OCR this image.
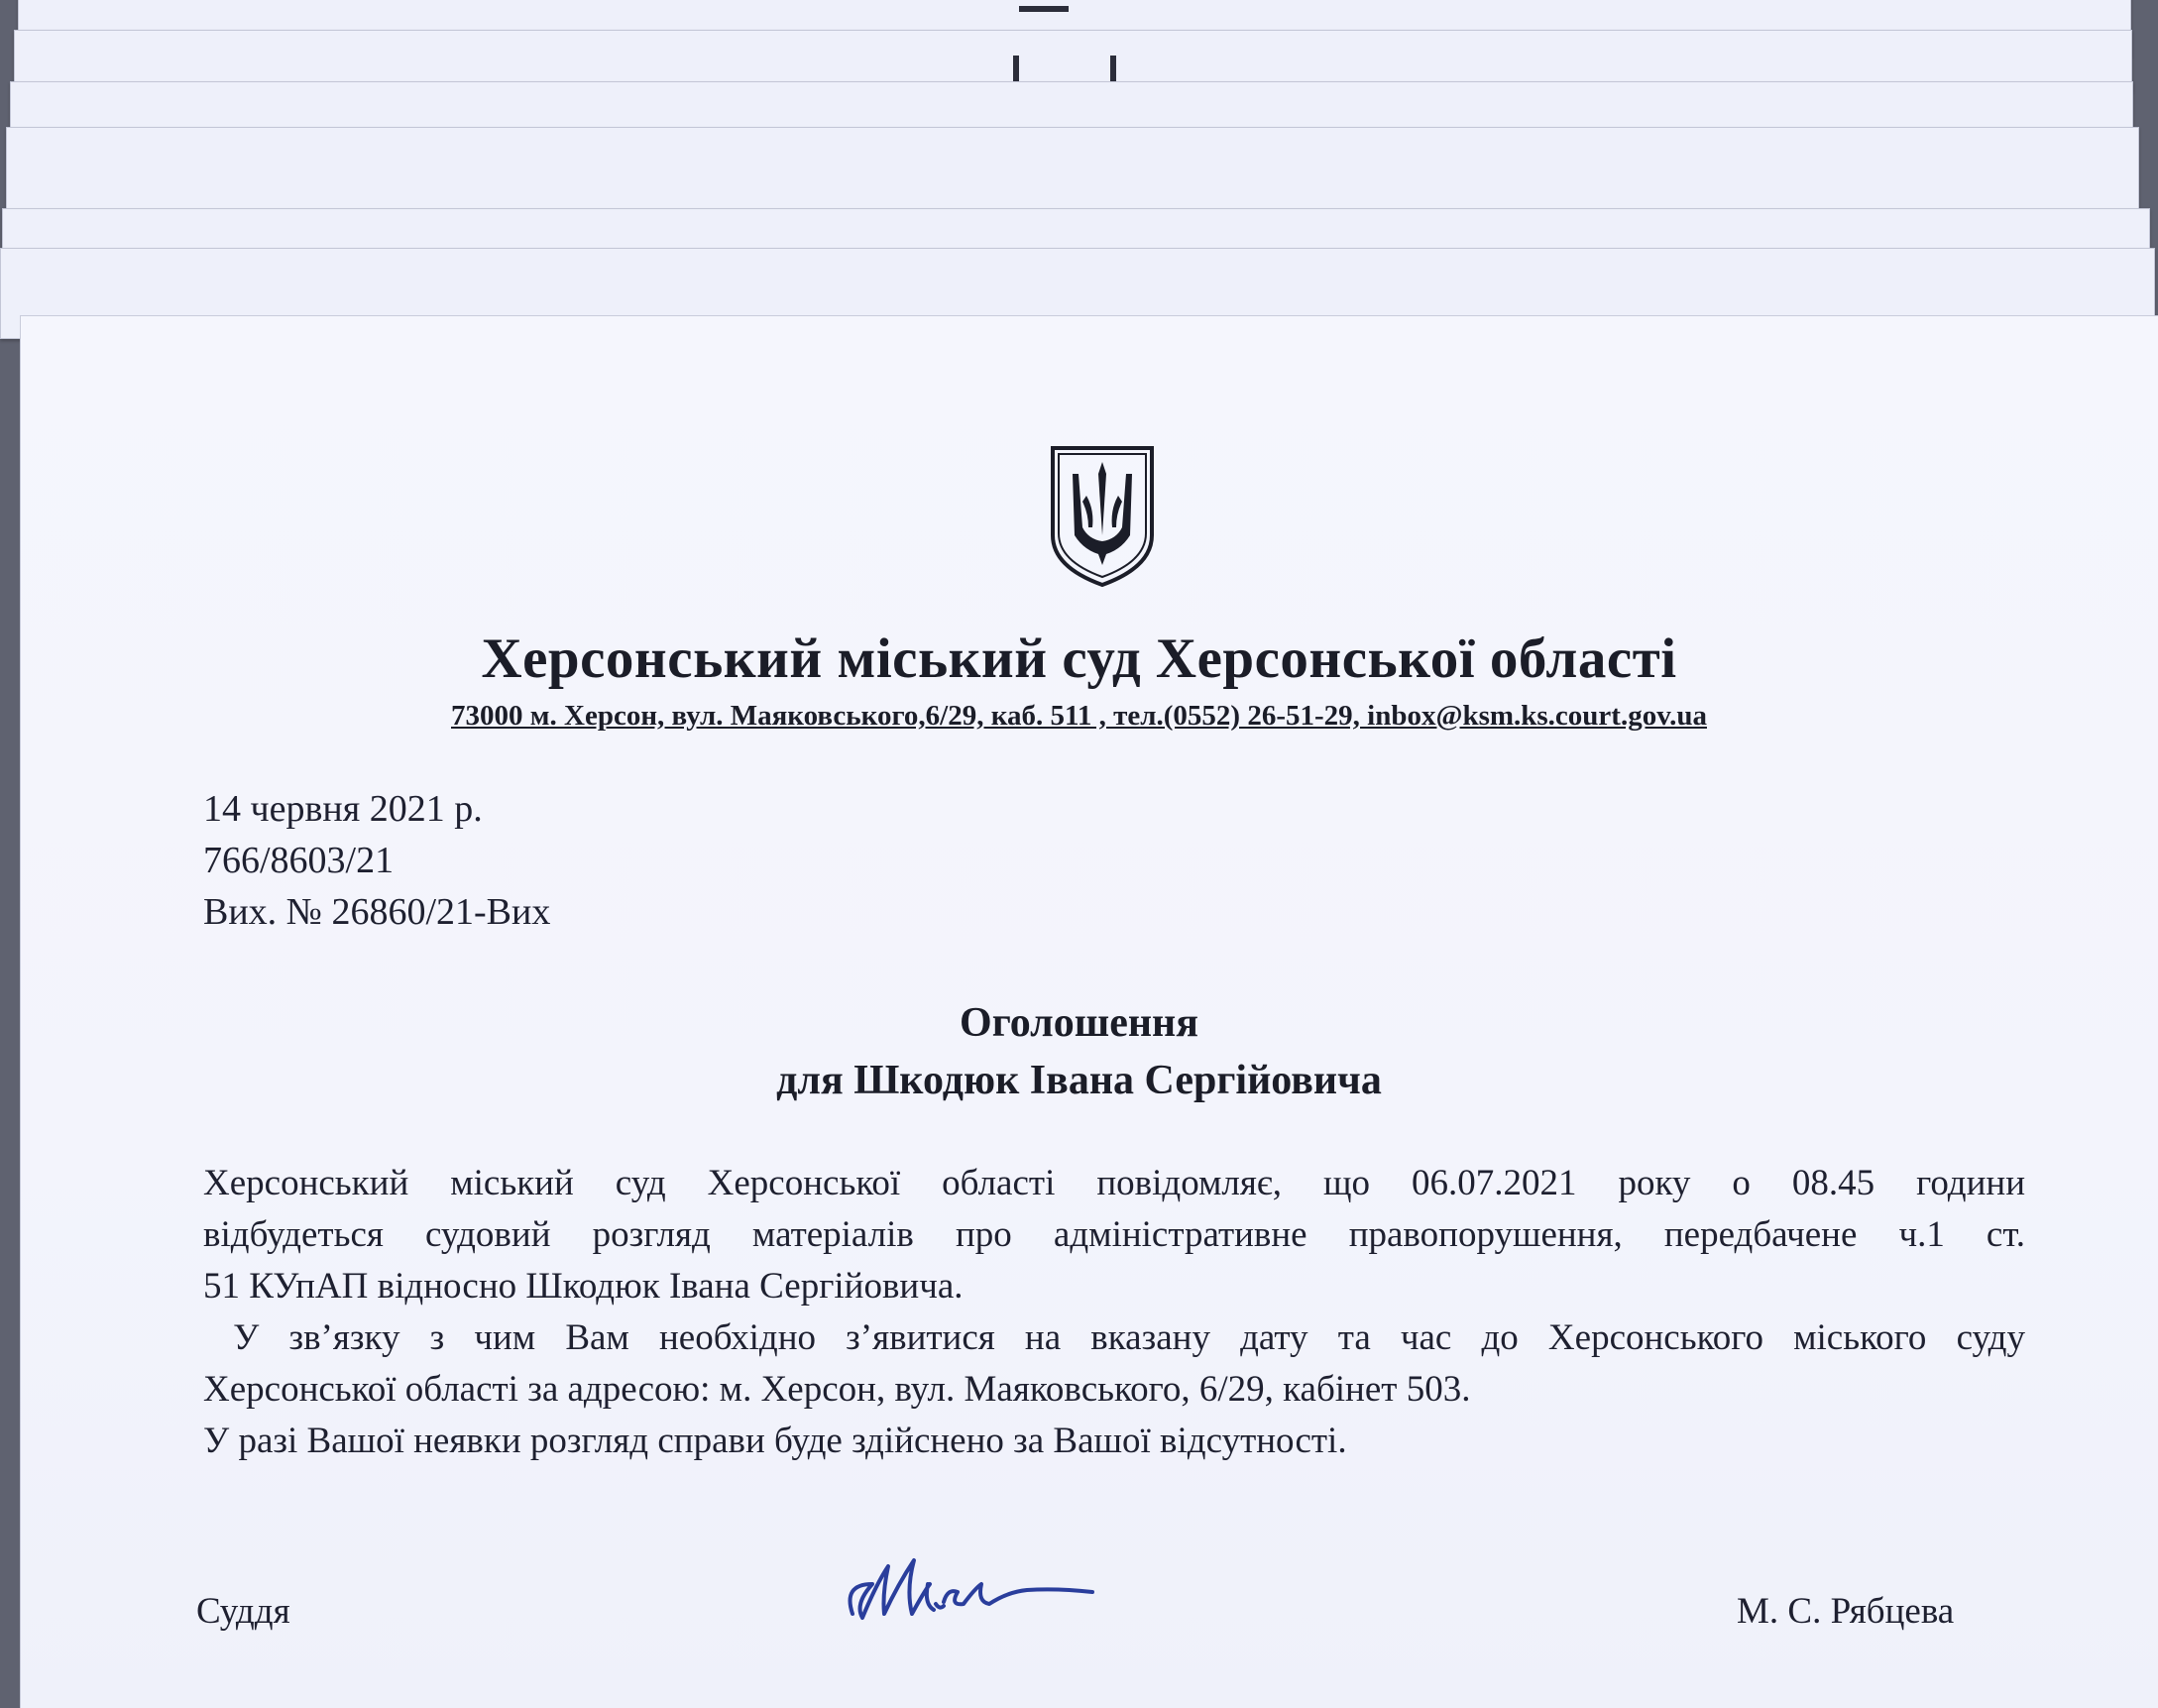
Херсонський міський суд Херсонської області
73000 м. Херсон, вул. Маяковського,6/29, каб. 511 , тел.(0552) 26-51-29, inbox@ksm.ks.court.gov.ua
14 червня 2021 р.
766/8603/21
Вих. № 26860/21-Вих
Оголошення
для Шкодюк Івана Сергійовича
Херсонський міський суд Херсонської області повідомляє, що 06.07.2021 року о 08.45 години
відбудеться судовий розгляд матеріалів про адміністративне правопорушення, передбачене ч.1 ст.
51 КУпАП відносно Шкодюк Івана Сергійовича.
У зв’язку з чим Вам необхідно з’явитися на вказану дату та час до Херсонського міського суду
Херсонської області за адресою: м. Херсон, вул. Маяковського, 6/29, кабінет 503.
У разі Вашої неявки розгляд справи буде здійснено за Вашої відсутності.
Суддя	М. С. Рябцева
